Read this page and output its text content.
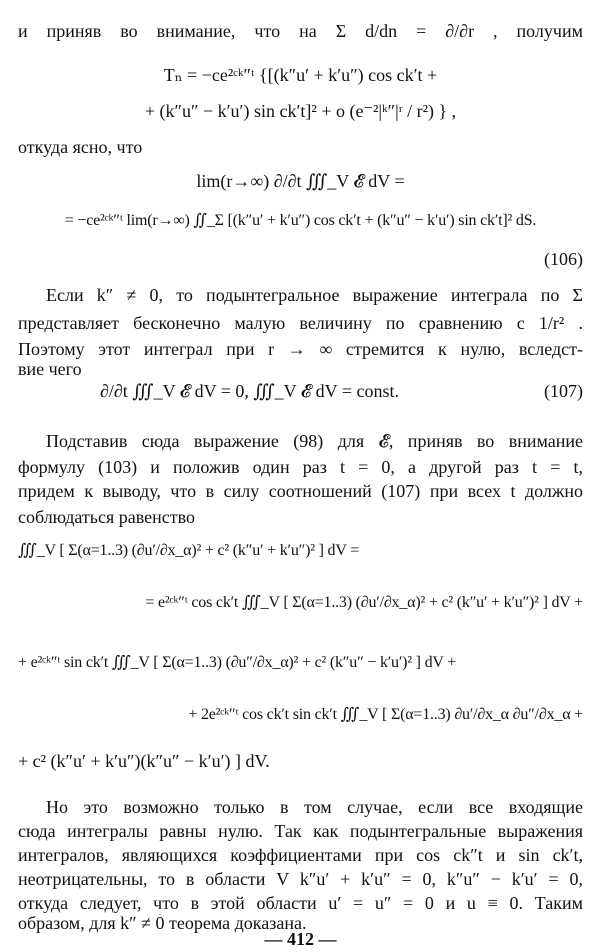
и приняв во внимание, что на Σ d/dn = ∂/∂r , получим
Tₙ = −ce²ᶜᵏ″ᵗ {[(k″u′ + k′u″) cos ck′t +
+ (k″u″ − k′u′) sin ck′t]² + o (e⁻²|ᵏ″|ʳ / r²) } ,
откуда ясно, что
lim(r→∞) ∂/∂t ∭_V 𝓔 dV =
= −ce²ᶜᵏ″ᵗ lim(r→∞) ∬_Σ [(k″u′ + k′u″) cos ck′t + (k″u″ − k′u′) sin ck′t]² dS.
(106)
Если k″ ≠ 0, то подынтегральное выражение интеграла по Σ
представляет бесконечно малую величину по сравнению с 1/r² .
Поэтому этот интеграл при r → ∞ стремится к нулю, вследст-
вие чего
∂/∂t ∭_V 𝓔 dV = 0, ∭_V 𝓔 dV = const.	(107)
Подставив сюда выражение (98) для 𝓔, приняв во внимание
формулу (103) и положив один раз t = 0, а другой раз t = t,
придем к выводу, что в силу соотношений (107) при всех t должно
соблюдаться равенство
∭_V [ Σ(α=1..3) (∂u′/∂x_α)² + c² (k″u′ + k′u″)² ] dV =
= e²ᶜᵏ″ᵗ cos ck′t ∭_V [ Σ(α=1..3) (∂u′/∂x_α)² + c² (k″u′ + k′u″)² ] dV +
+ e²ᶜᵏ″ᵗ sin ck′t ∭_V [ Σ(α=1..3) (∂u″/∂x_α)² + c² (k″u″ − k′u′)² ] dV +
+ 2e²ᶜᵏ″ᵗ cos ck′t sin ck′t ∭_V [ Σ(α=1..3) ∂u′/∂x_α ∂u″/∂x_α +
+ c² (k″u′ + k′u″)(k″u″ − k′u′) ] dV.
Но это возможно только в том случае, если все входящие
сюда интегралы равны нулю. Так как подынтегральные выражения
интегралов, являющихся коэффициентами при cos ck″t и sin ck′t,
неотрицательны, то в области V k″u′ + k′u″ = 0, k″u″ − k′u′ = 0,
откуда следует, что в этой области u′ = u″ = 0 и u ≡ 0. Таким
образом, для k″ ≠ 0 теорема доказана.
— 412 —
